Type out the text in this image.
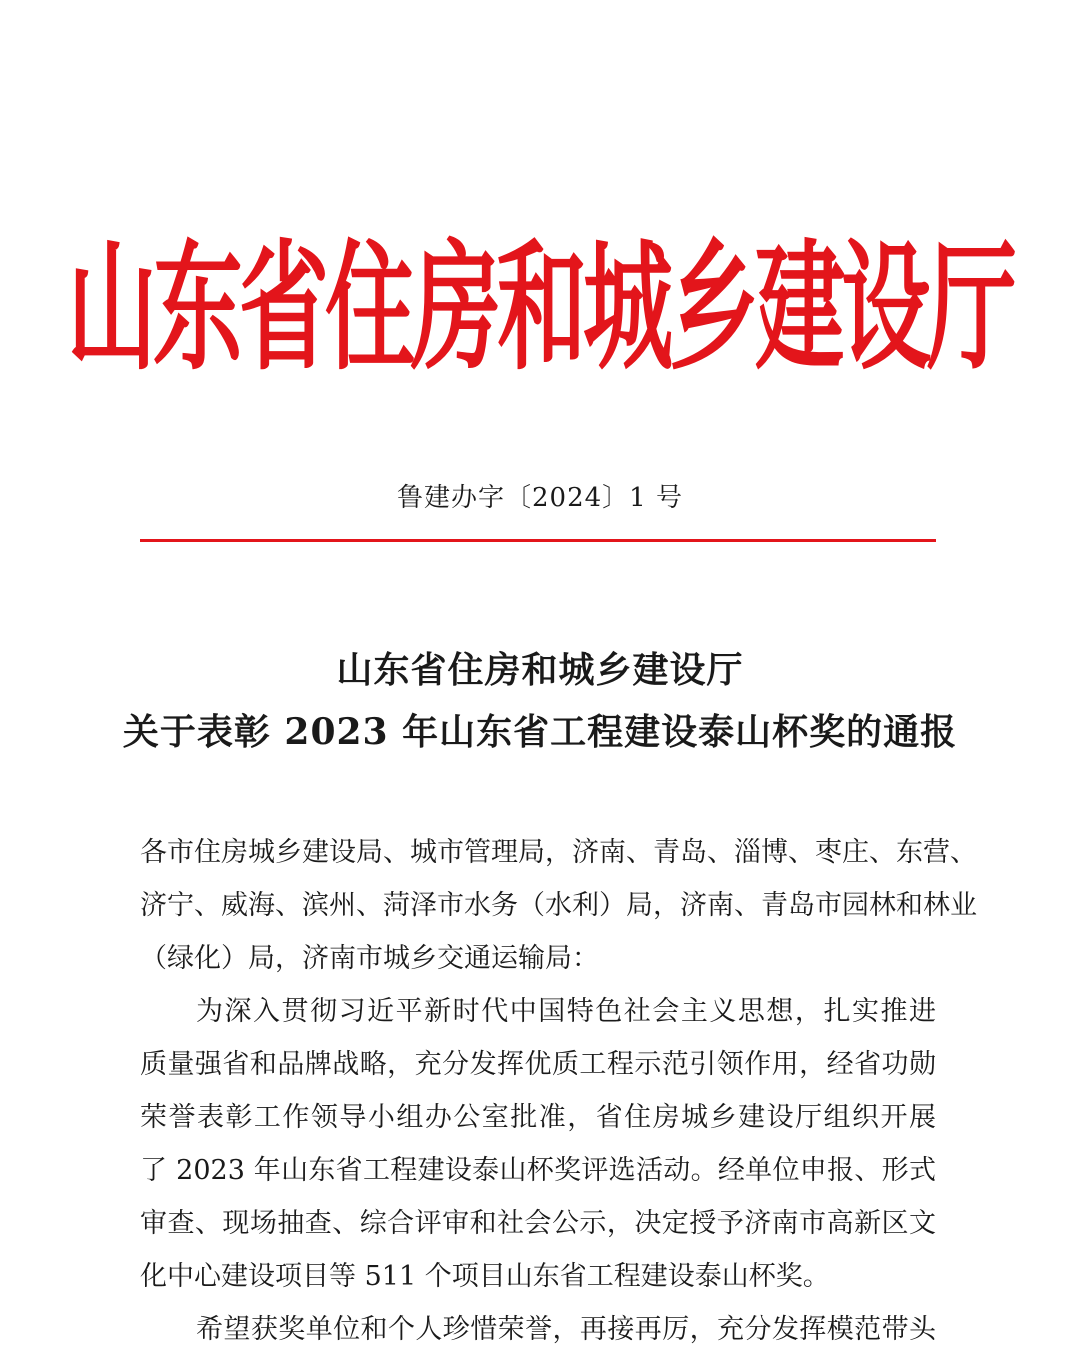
山东省住房和城乡建设厅
鲁建办字〔2024〕1 号
山东省住房和城乡建设厅
关于表彰 2023 年山东省工程建设泰山杯奖的通报
各市住房城乡建设局、城市管理局，济南、青岛、淄博、枣庄、东营、
济宁、威海、滨州、菏泽市水务（水利）局，济南、青岛市园林和林业
（绿化）局，济南市城乡交通运输局：
为深入贯彻习近平新时代中国特色社会主义思想，扎实推进
质量强省和品牌战略，充分发挥优质工程示范引领作用，经省功勋
荣誉表彰工作领导小组办公室批准，省住房城乡建设厅组织开展
了 2023 年山东省工程建设泰山杯奖评选活动。经单位申报、形式
审查、现场抽查、综合评审和社会公示，决定授予济南市高新区文
化中心建设项目等 511 个项目山东省工程建设泰山杯奖。
希望获奖单位和个人珍惜荣誉，再接再厉，充分发挥模范带头
